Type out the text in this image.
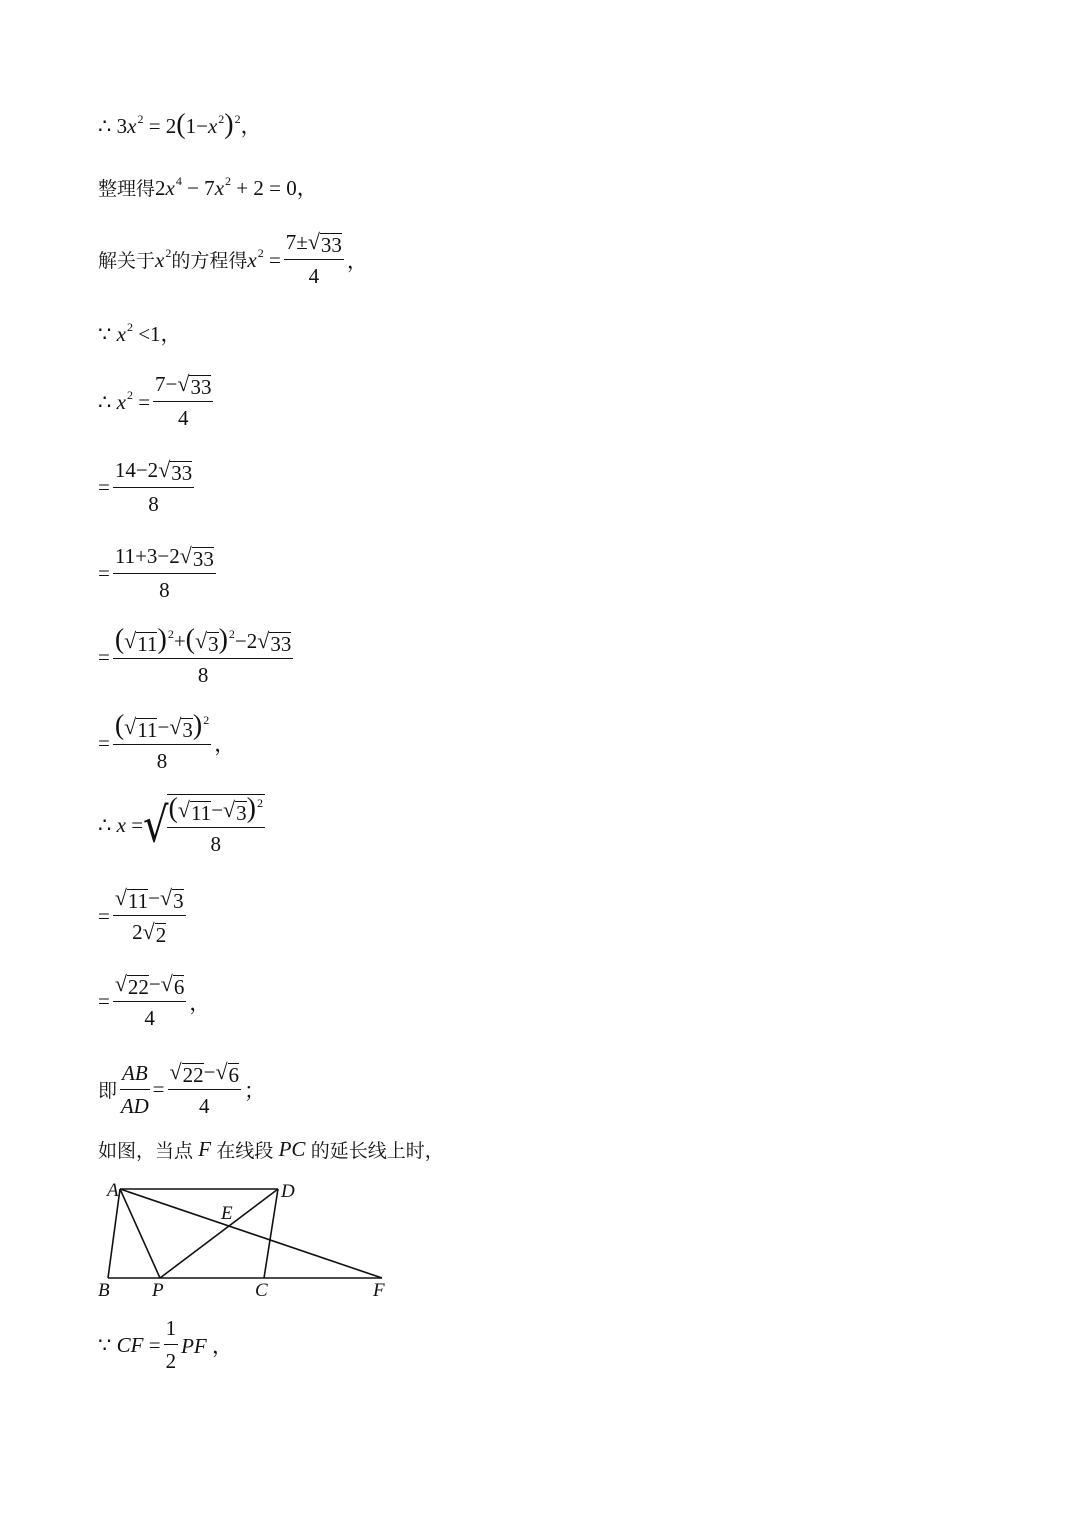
∴ $3x^2 = 2(1-x^2)^2$，
整理得 $2x^4 - 7x^2 + 2 = 0$，
解关于 $x^2$ 的方程得 $x^2 = \frac{7\pm √ 33}{4}$ ，
∵ $x^2 <1$，
∴ $x^2 = \frac{7- √ 33}{4}$
= $\frac{14-2 √ 33}{8}$
= $\frac{11+3-2 √ 33}{8}$
= $\frac{( √ 11 )^2+( √ 3 )^2-2 √ 33}{8}$
= $\frac{( √ 11 - √ 3 )^2}{8}$ ，
∴ x = √
$\frac{( √ 11 - √ 3 )^2}{8}$
= $\frac{√ 11 - √ 3}{2 √ 2}$
= $\frac{√ 22 - √ 6}{4}$ ，
即 $\frac{AB}{AD} = \frac{√ 22 - √ 6}{4}$ ；
如图，当点 F 在线段 PC 的延长线上时，
A	D
E
B P	C	F
∵ CF = $\frac{1}{2}$ PF ，
